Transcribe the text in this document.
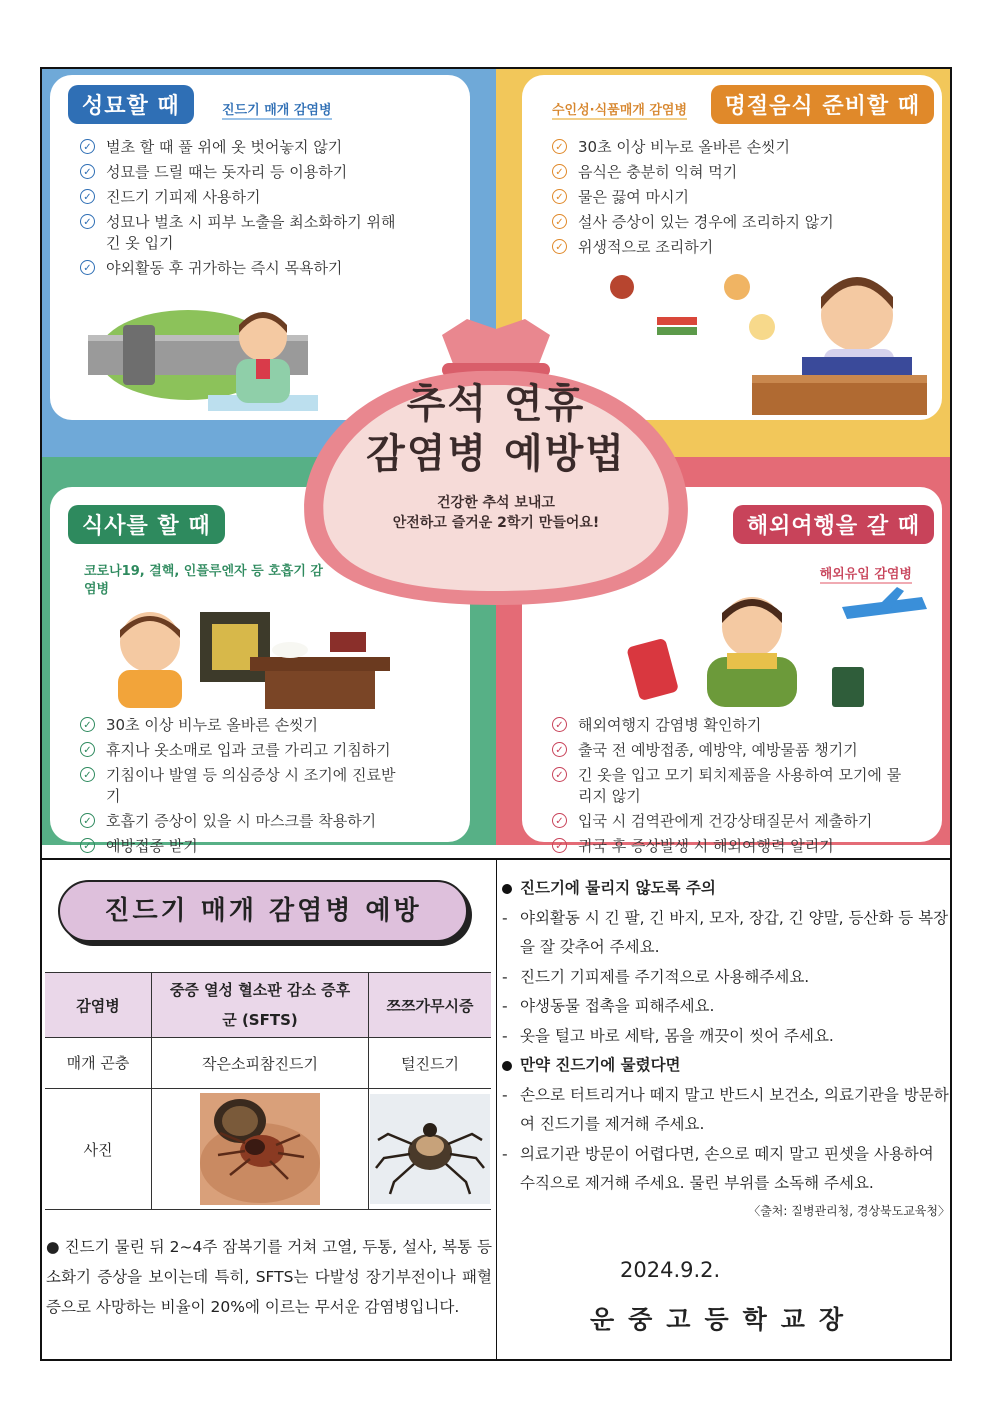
성묘할 때	진드기 매개 감염병
✓ 벌초 할 때 풀 위에 옷 벗어놓지 않기
✓ 성묘를 드릴 때는 돗자리 등 이용하기
✓ 진드기 기피제 사용하기
✓ 성묘나 벌초 시 피부 노출을 최소화하기 위해 긴 옷 입기
✓ 야외활동 후 귀가하는 즉시 목욕하기
수인성·식품매개 감염병	명절음식 준비할 때
✓ 30초 이상 비누로 올바른 손씻기
✓ 음식은 충분히 익혀 먹기
✓ 물은 끓여 마시기
✓ 설사 증상이 있는 경우에 조리하지 않기
✓ 위생적으로 조리하기
식사를 할 때
코로나19, 결핵, 인플루엔자 등 호흡기 감염병
✓ 30초 이상 비누로 올바른 손씻기
✓ 휴지나 옷소매로 입과 코를 가리고 기침하기
✓ 기침이나 발열 등 의심증상 시 조기에 진료받기
✓ 호흡기 증상이 있을 시 마스크를 착용하기
✓ 예방접종 받기
해외여행을 갈 때
해외유입 감염병
✓ 해외여행지 감염병 확인하기
✓ 출국 전 예방접종, 예방약, 예방물품 챙기기
✓ 긴 옷을 입고 모기 퇴치제품을 사용하여 모기에 물리지 않기
✓ 입국 시 검역관에게 건강상태질문서 제출하기
✓ 귀국 후 증상발생 시 해외여행력 알리기
추석 연휴
감염병 예방법
건강한 추석 보내고
안전하고 즐거운 2학기 만들어요!
진드기 매개 감염병 예방
감염병	중증 열성 혈소판 감소 증후군 (SFTS)	쯔쯔가무시증
매개 곤충	작은소피참진드기	털진드기
사진	

● 진드기 물린 뒤 2~4주 잠복기를 거쳐 고열, 두통, 설사, 복통 등 소화기 증상을 보이는데 특히, SFTS는 다발성 장기부전이나 패혈증으로 사망하는 비율이 20%에 이르는 무서운 감염병입니다.
진드기에 물리지 않도록 주의
- 야외활동 시 긴 팔, 긴 바지, 모자, 장갑, 긴 양말, 등산화 등 복장을 잘 갖추어 주세요.
- 진드기 기피제를 주기적으로 사용해주세요.
- 야생동물 접촉을 피해주세요.
- 옷을 털고 바로 세탁, 몸을 깨끗이 씻어 주세요.
만약 진드기에 물렸다면
- 손으로 터트리거나 떼지 말고 반드시 보건소, 의료기관을 방문하여 진드기를 제거해 주세요.
- 의료기관 방문이 어렵다면, 손으로 떼지 말고 핀셋을 사용하여 수직으로 제거해 주세요. 물린 부위를 소독해 주세요.
〈출처: 질병관리청, 경상북도교육청〉
2024.9.2.
운중고등학교장
